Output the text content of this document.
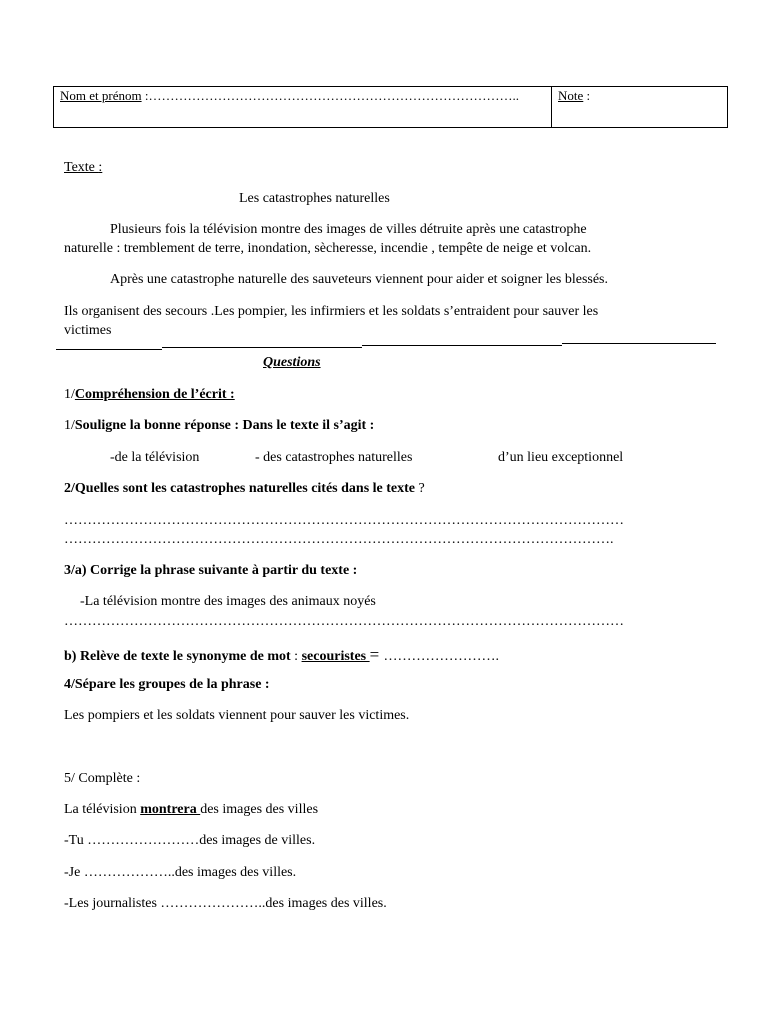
Nom et prénom :…………………………………………………………………………..	Note :
Texte :
Les catastrophes naturelles
Plusieurs fois la télévision montre des images de villes détruite après une catastrophe
naturelle : tremblement de terre, inondation, sècheresse, incendie , tempête de neige et volcan.
Après une catastrophe naturelle des sauveteurs viennent pour aider et soigner les blessés.
Ils organisent des secours .Les pompier, les infirmiers et les soldats s’entraident pour sauver les
victimes
Questions
1/Compréhension de l’écrit :
1/Souligne la bonne réponse : Dans le texte il s’agit :
-de la télévision	- des catastrophes naturelles	d’un lieu exceptionnel
2/Quelles sont les catastrophes naturelles cités dans le texte ?
…………………………………………………………………………………………………………
……………………………………………………………………………………………………….
3/a) Corrige la phrase suivante à partir du texte :
-La télévision montre des images des animaux noyés
…………………………………………………………………………………………………………
b) Relève de texte le synonyme de mot : secouristes = …………………….
4/Sépare les groupes de la phrase :
Les pompiers et les soldats viennent pour sauver les victimes.
5/ Complète :
La télévision montrera des images des villes
-Tu ……………………des images de villes.
-Je ………………..des images des villes.
-Les journalistes …………………..des images des villes.
